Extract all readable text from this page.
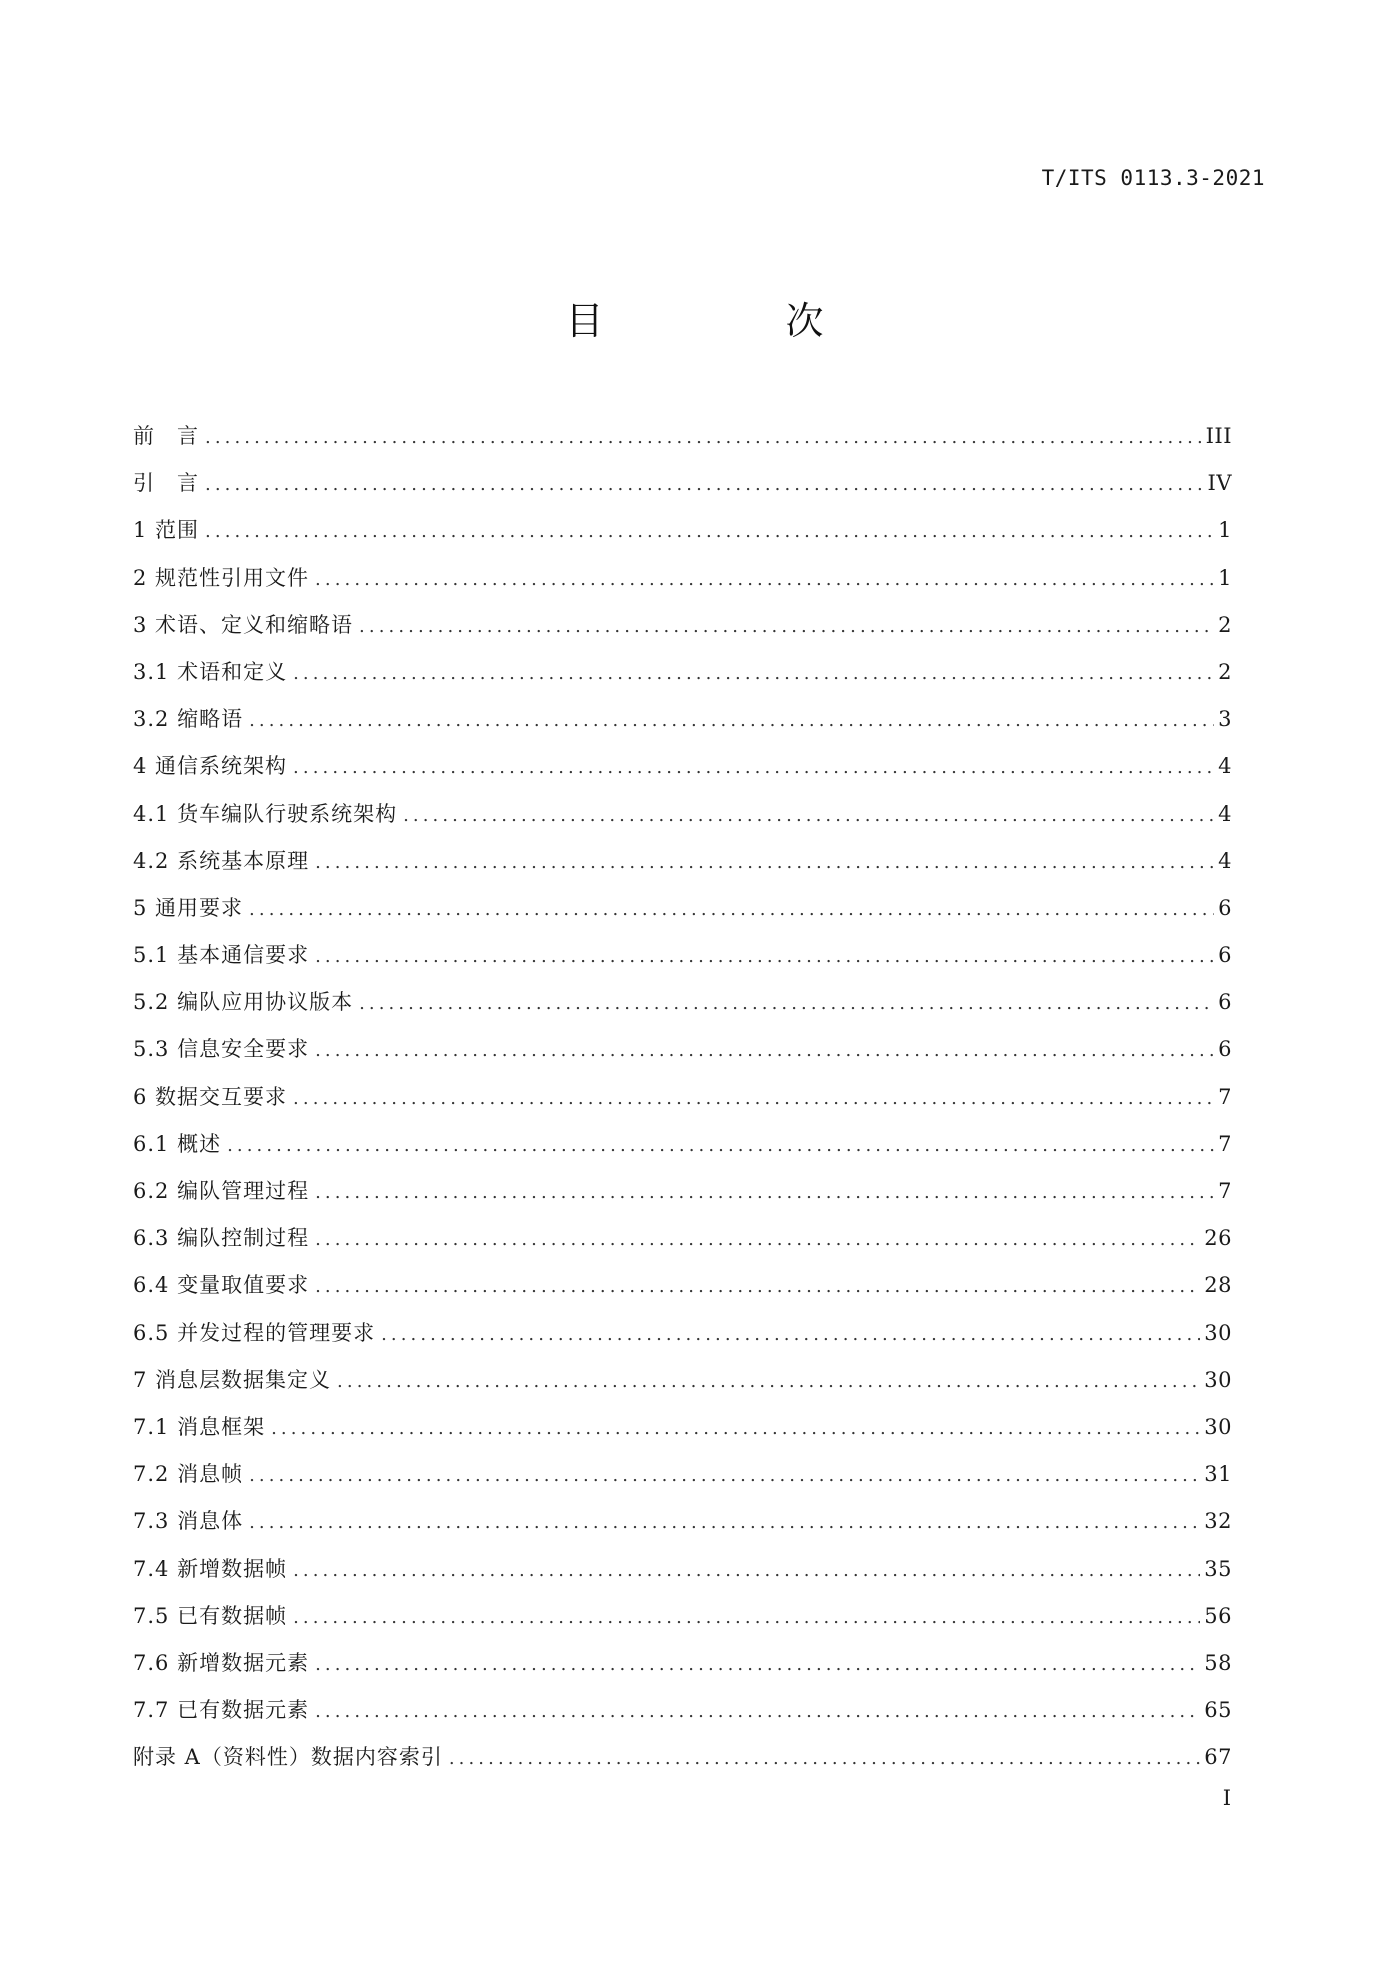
T/ITS 0113.3-2021
目　次
前　言 .....	III
引　言 .....	IV
1 范围 .....	1
2 规范性引用文件 .....	1
3 术语、定义和缩略语 .....	2
3.1 术语和定义 .....	2
3.2 缩略语 .....	3
4 通信系统架构 .....	4
4.1 货车编队行驶系统架构 .....	4
4.2 系统基本原理 .....	4
5 通用要求 .....	6
5.1 基本通信要求 .....	6
5.2 编队应用协议版本 .....	6
5.3 信息安全要求 .....	6
6 数据交互要求 .....	7
6.1 概述 .....	7
6.2 编队管理过程 .....	7
6.3 编队控制过程 .....	26
6.4 变量取值要求 .....	28
6.5 并发过程的管理要求 .....	30
7 消息层数据集定义 .....	30
7.1 消息框架 .....	30
7.2 消息帧 .....	31
7.3 消息体 .....	32
7.4 新增数据帧 .....	35
7.5 已有数据帧 .....	56
7.6 新增数据元素 .....	58
7.7 已有数据元素 .....	65
附录 A（资料性）数据内容索引 .....	67
I
